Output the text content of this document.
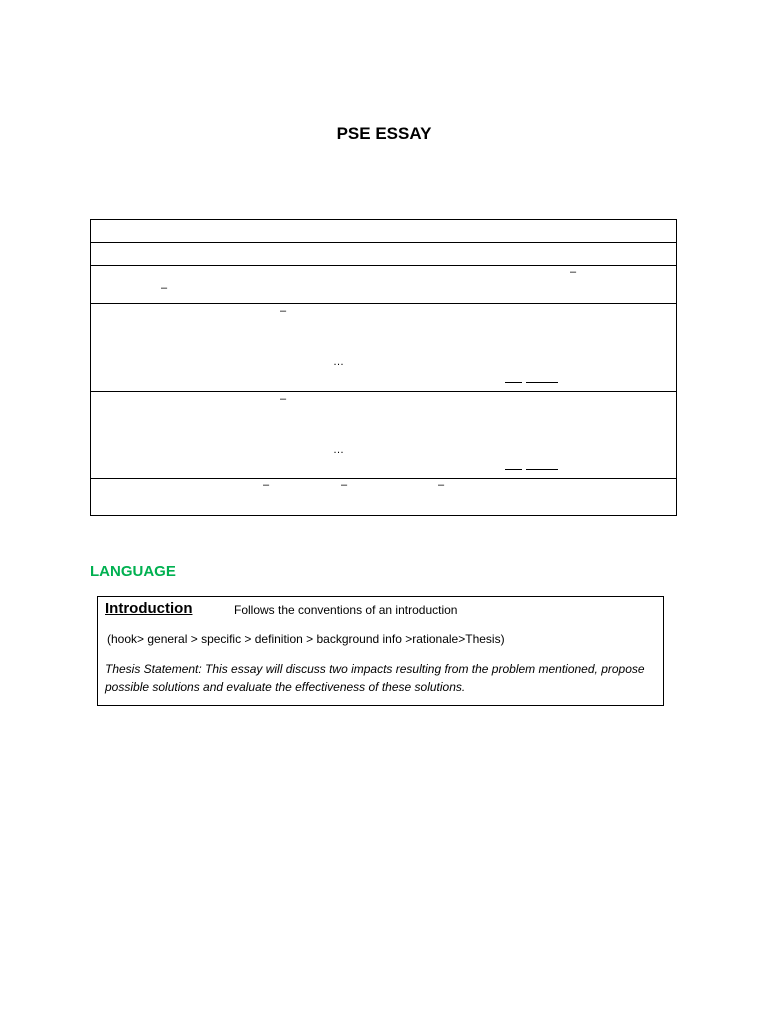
PSE ESSAY
–
–
–
…
–
…
–	–	–
LANGUAGE
Introduction	Follows the conventions of an introduction
(hook> general > specific > definition > background info >rationale>Thesis)
Thesis Statement: This essay will discuss two impacts resulting from the problem mentioned, propose possible solutions and evaluate the effectiveness of these solutions.
